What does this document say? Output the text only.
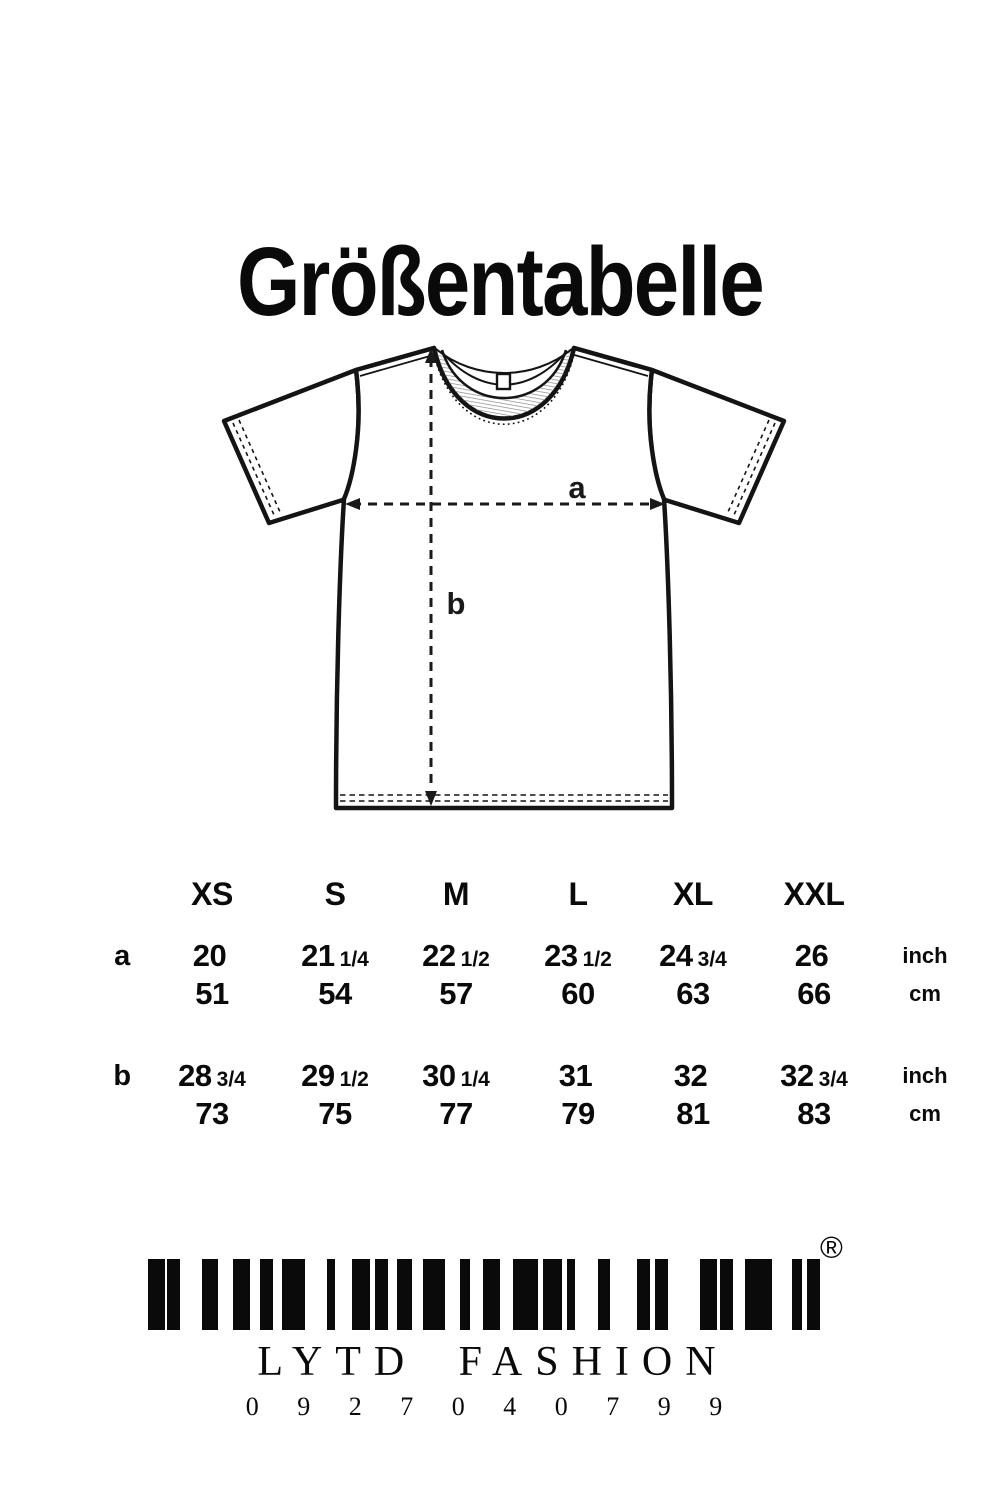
Größentabelle
a
b
XS	S	M	L	XL	XXL
a	20	21 1/4	22 1/2	23 1/2	24 3/4	26	inch
51	54	57	60	63	66	cm
b	28 3/4	29 1/2	30 1/4	31	32	32 3/4	inch
73	75	77	79	81	83	cm
®
LYTD FASHION
0 9 2 7 0 4 0 7 9 9
